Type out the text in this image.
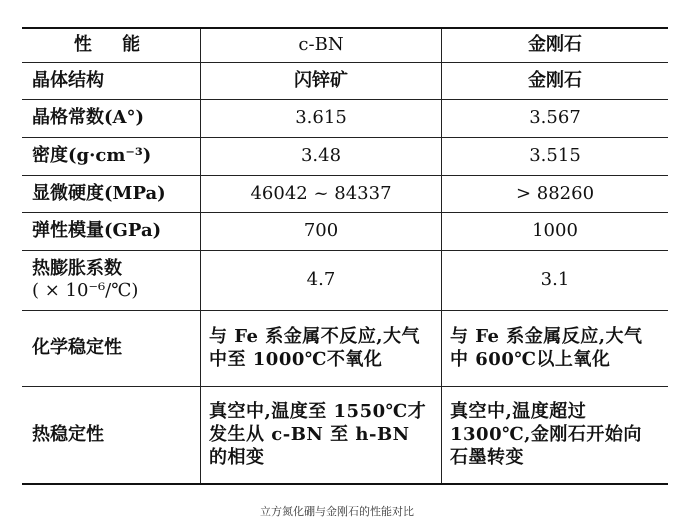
性 能	c-BN	金刚石
晶体结构	闪锌矿	金刚石
晶格常数(A°)	3.615	3.567
密度(g·cm⁻³)	3.48	3.515
显微硬度(MPa)	46042 ~ 84337	> 88260
弹性模量(GPa)	700	1000

热膨胀系数
( × 10⁻⁶/℃)	4.7	3.1
化学稳定性	与 Fe 系金属不反应,大气中至 1000℃不氧化	与 Fe 系金属反应,大气中 600℃以上氧化
热稳定性	真空中,温度至 1550℃才发生从 c-BN 至 h-BN 的相变	真空中,温度超过1300℃,金刚石开始向石墨转变
立方氮化硼与金刚石的性能对比
